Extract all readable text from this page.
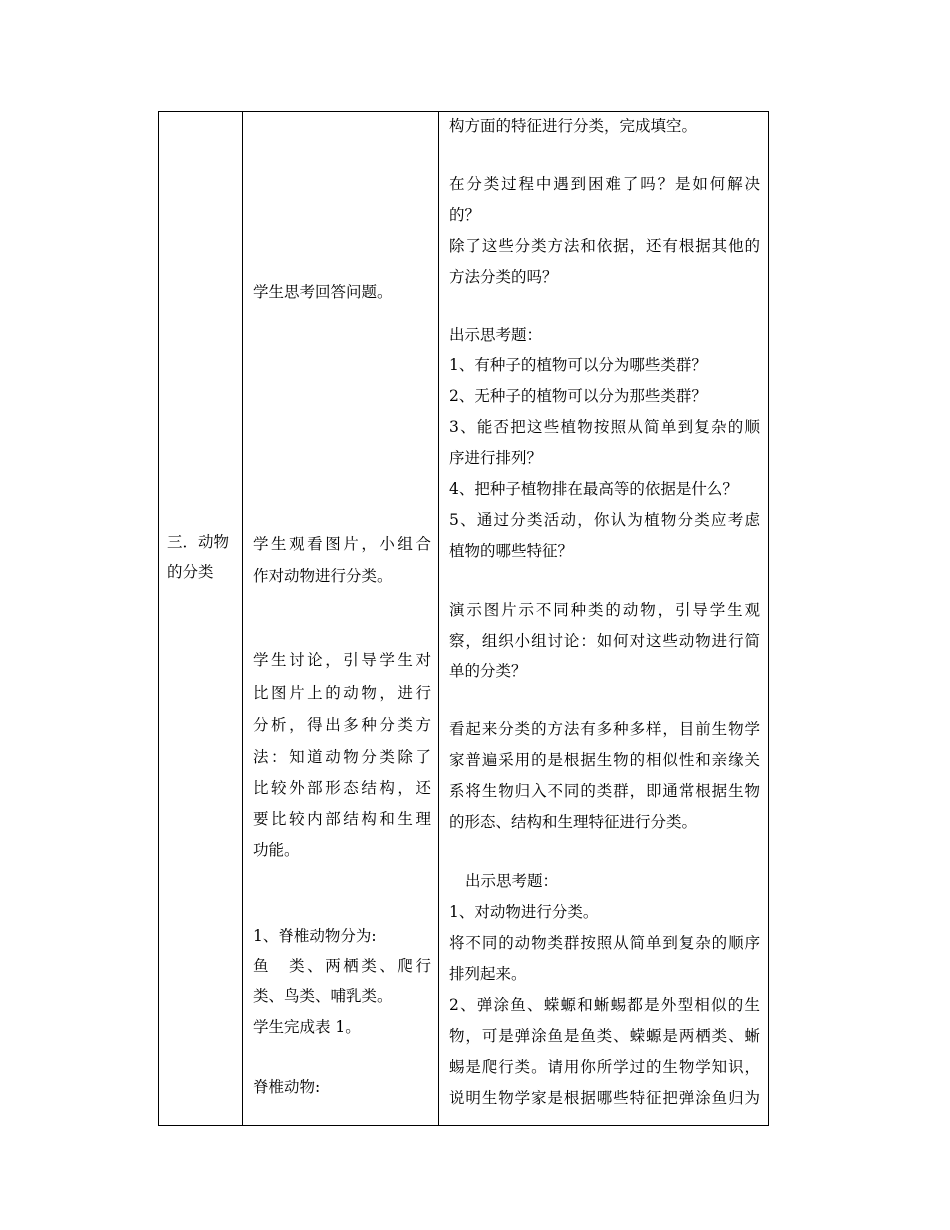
三．动物
的分类
学生思考回答问题。
学生观看图片，小组合
作对动物进行分类。
学生讨论，引导学生对
比图片上的动物，进行
分析，得出多种分类方
法：知道动物分类除了
比较外部形态结构，还
要比较内部结构和生理
功能。
1、脊椎动物分为:
鱼　类、两栖类、爬行
类、鸟类、哺乳类。
学生完成表 1。
脊椎动物:
构方面的特征进行分类，完成填空。
在分类过程中遇到困难了吗？是如何解决
的？
除了这些分类方法和依据，还有根据其他的
方法分类的吗？
出示思考题：
1、有种子的植物可以分为哪些类群？
2、无种子的植物可以分为那些类群？
3、能否把这些植物按照从简单到复杂的顺
序进行排列？
4、把种子植物排在最高等的依据是什么？
5、通过分类活动，你认为植物分类应考虑
植物的哪些特征？
演示图片示不同种类的动物，引导学生观
察，组织小组讨论：如何对这些动物进行简
单的分类？
看起来分类的方法有多种多样，目前生物学
家普遍采用的是根据生物的相似性和亲缘关
系将生物归入不同的类群，即通常根据生物
的形态、结构和生理特征进行分类。
出示思考题：
1、对动物进行分类。
将不同的动物类群按照从简单到复杂的顺序
排列起来。
2、弹涂鱼、蝾螈和蜥蜴都是外型相似的生
物，可是弹涂鱼是鱼类、蝾螈是两栖类、蜥
蜴是爬行类。请用你所学过的生物学知识，
说明生物学家是根据哪些特征把弹涂鱼归为
